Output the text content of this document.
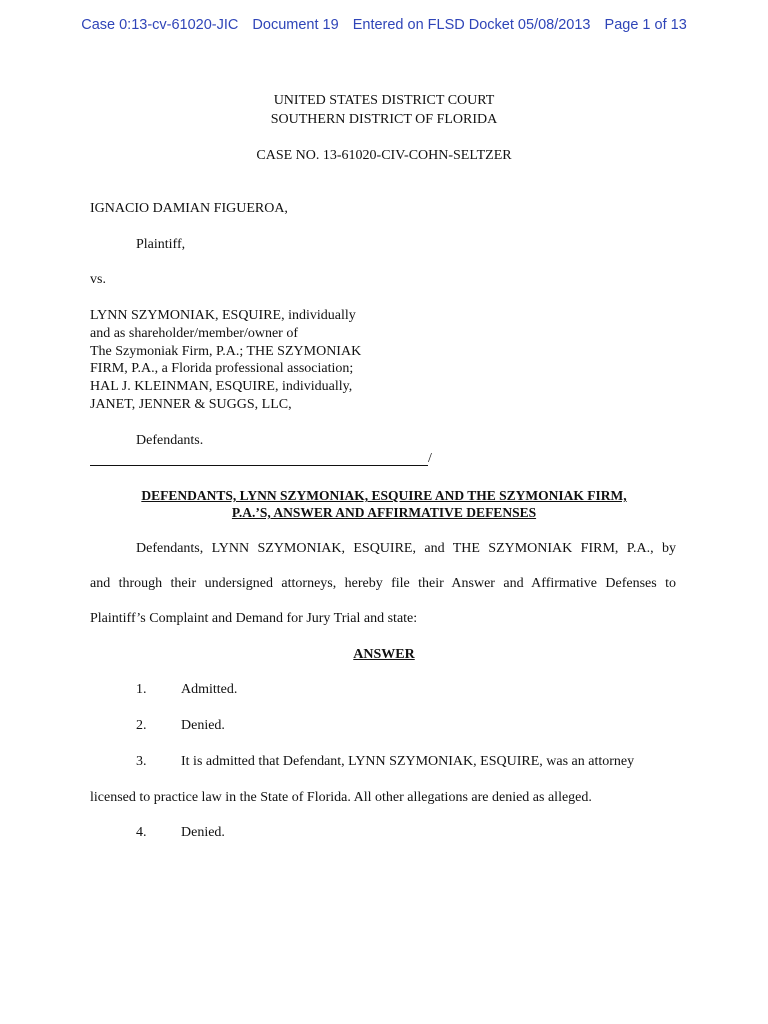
Case 0:13-cv-61020-JIC Document 19 Entered on FLSD Docket 05/08/2013 Page 1 of 13
UNITED STATES DISTRICT COURT
SOUTHERN DISTRICT OF FLORIDA
CASE NO. 13-61020-CIV-COHN-SELTZER
IGNACIO DAMIAN FIGUEROA,
Plaintiff,
vs.
LYNN SZYMONIAK, ESQUIRE, individually
and as shareholder/member/owner of
The Szymoniak Firm, P.A.; THE SZYMONIAK
FIRM, P.A., a Florida professional association;
HAL J. KLEINMAN, ESQUIRE, individually,
JANET, JENNER & SUGGS, LLC,
Defendants.
/
DEFENDANTS, LYNN SZYMONIAK, ESQUIRE AND THE SZYMONIAK FIRM,
P.A.’S, ANSWER AND AFFIRMATIVE DEFENSES
Defendants, LYNN SZYMONIAK, ESQUIRE, and THE SZYMONIAK FIRM, P.A., by
and through their undersigned attorneys, hereby file their Answer and Affirmative Defenses to
Plaintiff’s Complaint and Demand for Jury Trial and state:
ANSWER
1. Admitted.
2. Denied.
3. It is admitted that Defendant, LYNN SZYMONIAK, ESQUIRE, was an attorney
licensed to practice law in the State of Florida. All other allegations are denied as alleged.
4. Denied.
